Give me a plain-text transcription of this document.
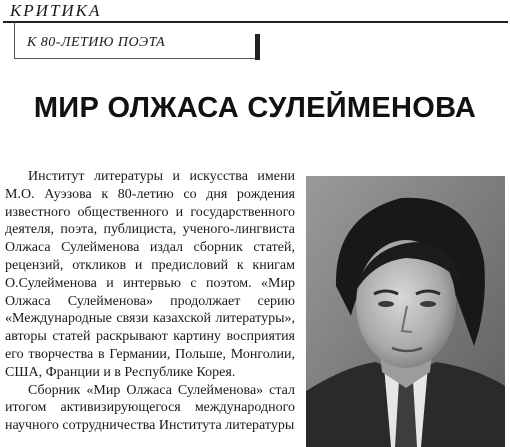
КРИТИКА
К 80-ЛЕТИЮ ПОЭТА
МИР ОЛЖАСА СУЛЕЙМЕНОВА

Институт литературы и искусства имени М.О. Ауэзова к 80-летию со дня рождения известного общественного и государственного деятеля, поэта, публициста, ученого-лингвиста Олжаса Сулейменова издал сборник статей, рецензий, откликов и предисловий к книгам О.Сулейменова и интервью с поэтом. «Мир Олжаса Сулейменова» продолжает серию «Международные связи казахской литературы», авторы статей раскрывают картину восприятия его творчества в Германии, Польше, Монголии, США, Франции и в Республике Корея.

Сборник «Мир Олжаса Сулейменова» стал итогом активизирующегося международного научного сотрудничества Института литературы
